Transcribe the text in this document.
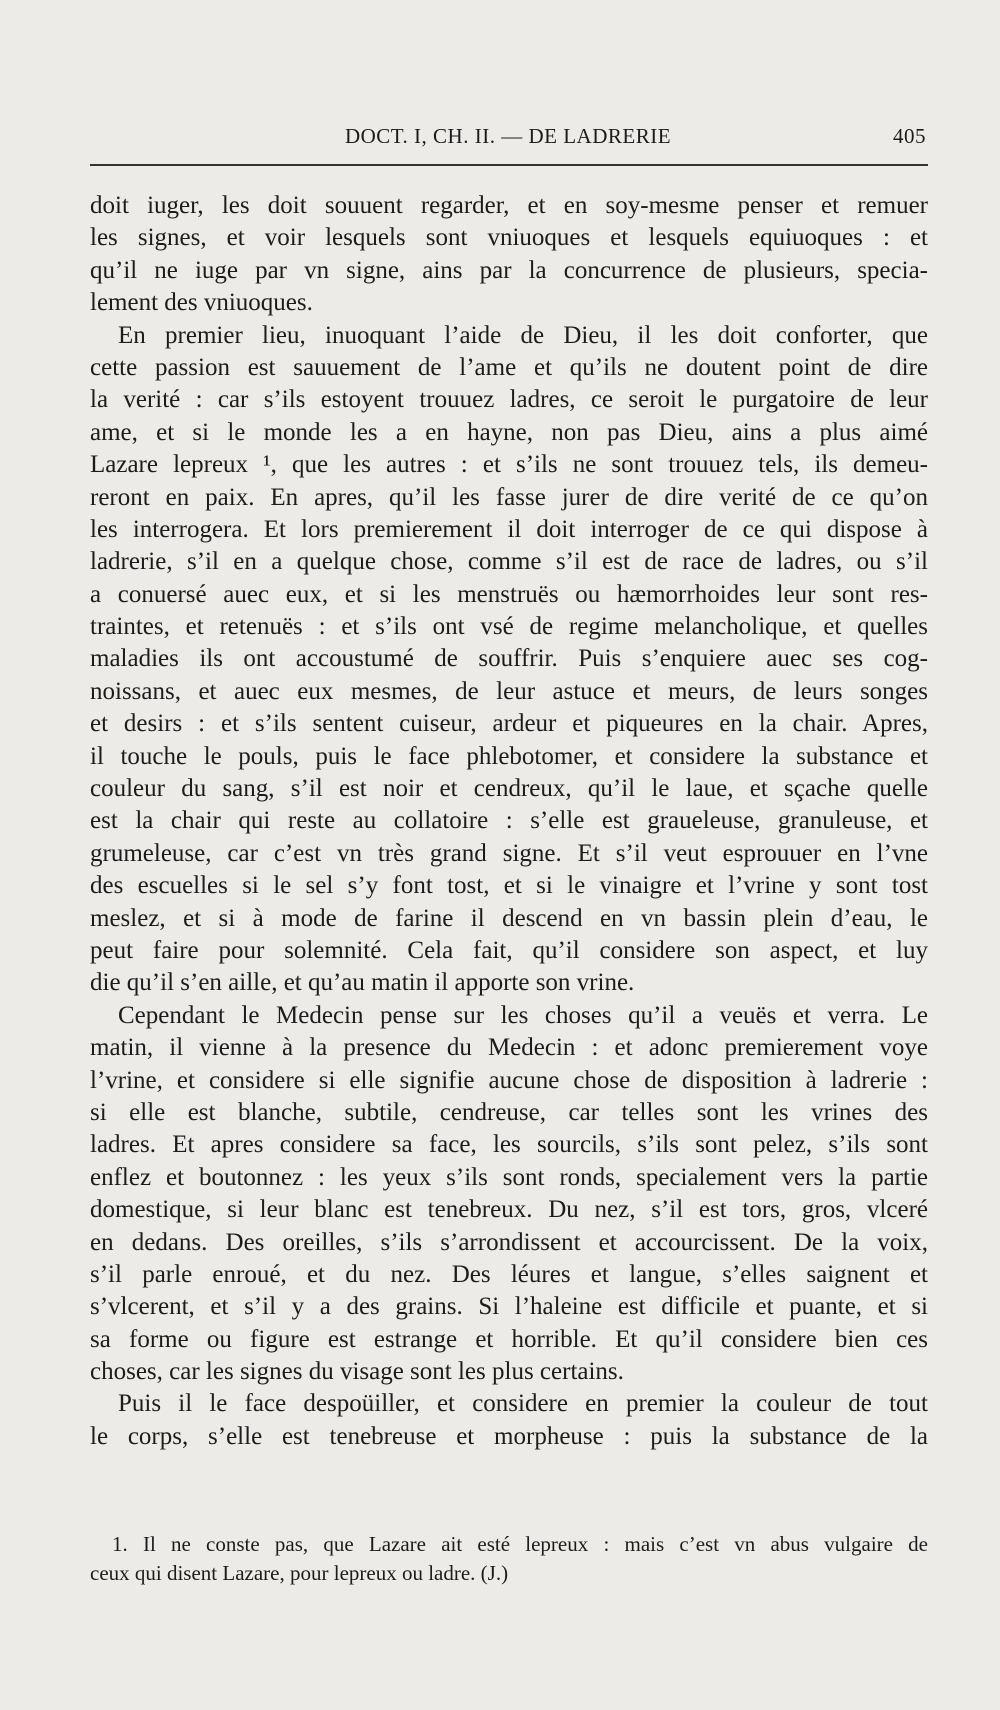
DOCT. I, CH. II. — DE LADRERIE	405
doit iuger, les doit souuent regarder, et en soy-mesme penser et remuer
les signes, et voir lesquels sont vniuoques et lesquels equiuoques : et
qu’il ne iuge par vn signe, ains par la concurrence de plusieurs, specia-
lement des vniuoques.
En premier lieu, inuoquant l’aide de Dieu, il les doit conforter, que
cette passion est sauuement de l’ame et qu’ils ne doutent point de dire
la verité : car s’ils estoyent trouuez ladres, ce seroit le purgatoire de leur
ame, et si le monde les a en hayne, non pas Dieu, ains a plus aimé
Lazare lepreux ¹, que les autres : et s’ils ne sont trouuez tels, ils demeu-
reront en paix. En apres, qu’il les fasse jurer de dire verité de ce qu’on
les interrogera. Et lors premierement il doit interroger de ce qui dispose à
ladrerie, s’il en a quelque chose, comme s’il est de race de ladres, ou s’il
a conuersé auec eux, et si les menstruës ou hæmorrhoides leur sont res-
traintes, et retenuës : et s’ils ont vsé de regime melancholique, et quelles
maladies ils ont accoustumé de souffrir. Puis s’enquiere auec ses cog-
noissans, et auec eux mesmes, de leur astuce et meurs, de leurs songes
et desirs : et s’ils sentent cuiseur, ardeur et piqueures en la chair. Apres,
il touche le pouls, puis le face phlebotomer, et considere la substance et
couleur du sang, s’il est noir et cendreux, qu’il le laue, et sçache quelle
est la chair qui reste au collatoire : s’elle est graueleuse, granuleuse, et
grumeleuse, car c’est vn très grand signe. Et s’il veut esprouuer en l’vne
des escuelles si le sel s’y font tost, et si le vinaigre et l’vrine y sont tost
meslez, et si à mode de farine il descend en vn bassin plein d’eau, le
peut faire pour solemnité. Cela fait, qu’il considere son aspect, et luy
die qu’il s’en aille, et qu’au matin il apporte son vrine.
Cependant le Medecin pense sur les choses qu’il a veuës et verra. Le
matin, il vienne à la presence du Medecin : et adonc premierement voye
l’vrine, et considere si elle signifie aucune chose de disposition à ladrerie :
si elle est blanche, subtile, cendreuse, car telles sont les vrines des
ladres. Et apres considere sa face, les sourcils, s’ils sont pelez, s’ils sont
enflez et boutonnez : les yeux s’ils sont ronds, specialement vers la partie
domestique, si leur blanc est tenebreux. Du nez, s’il est tors, gros, vlceré
en dedans. Des oreilles, s’ils s’arrondissent et accourcissent. De la voix,
s’il parle enroué, et du nez. Des léures et langue, s’elles saignent et
s’vlcerent, et s’il y a des grains. Si l’haleine est difficile et puante, et si
sa forme ou figure est estrange et horrible. Et qu’il considere bien ces
choses, car les signes du visage sont les plus certains.
Puis il le face despoüiller, et considere en premier la couleur de tout
le corps, s’elle est tenebreuse et morpheuse : puis la substance de la
1. Il ne conste pas, que Lazare ait esté lepreux : mais c’est vn abus vulgaire de
ceux qui disent Lazare, pour lepreux ou ladre. (J.)
